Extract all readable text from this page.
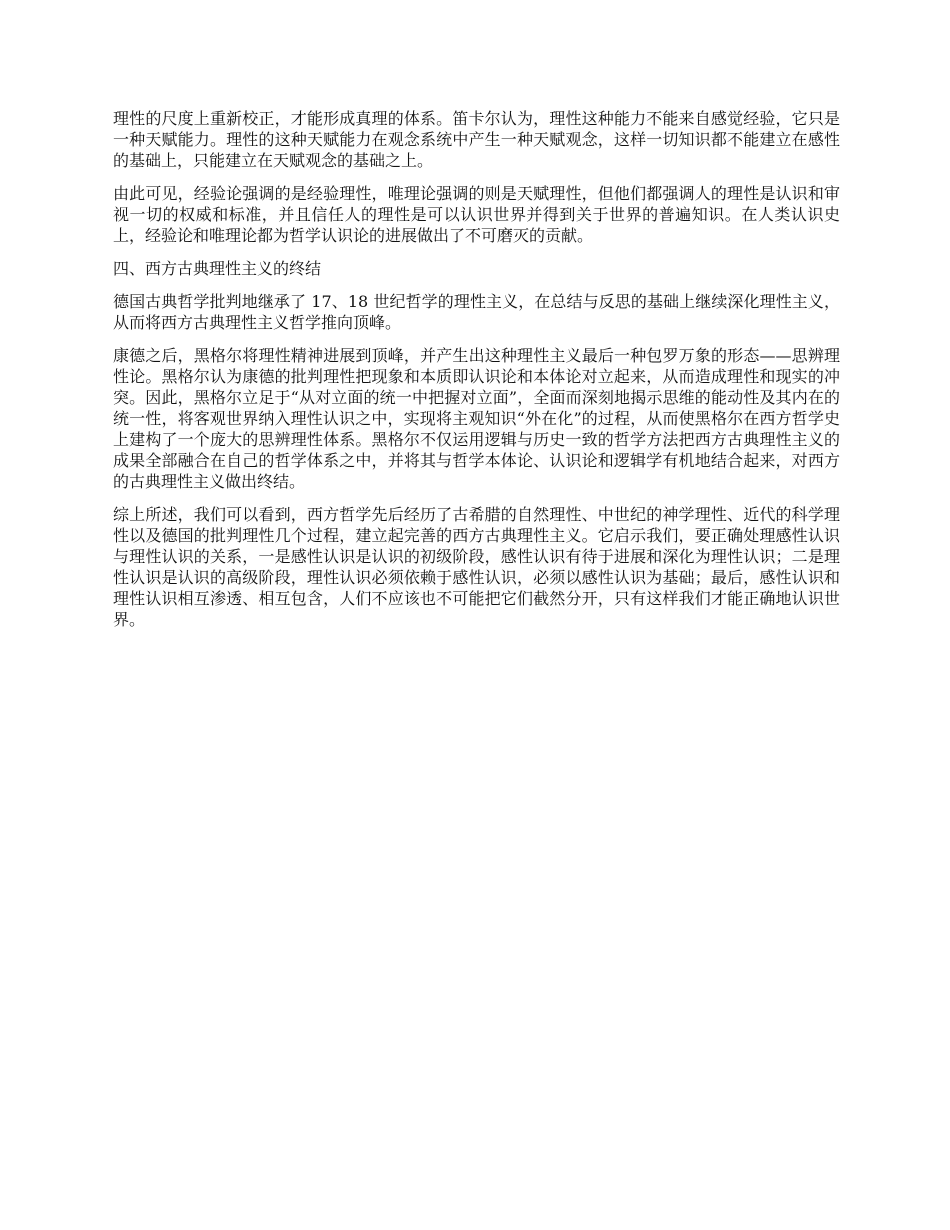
理性的尺度上重新校正，才能形成真理的体系。笛卡尔认为，理性这种能力不能来自感觉经验，它只是一种天赋能力。理性的这种天赋能力在观念系统中产生一种天赋观念，这样一切知识都不能建立在感性的基础上，只能建立在天赋观念的基础之上。

由此可见，经验论强调的是经验理性，唯理论强调的则是天赋理性，但他们都强调人的理性是认识和审视一切的权威和标准，并且信任人的理性是可以认识世界并得到关于世界的普遍知识。在人类认识史上，经验论和唯理论都为哲学认识论的进展做出了不可磨灭的贡献。

四、西方古典理性主义的终结

德国古典哲学批判地继承了 17、18 世纪哲学的理性主义，在总结与反思的基础上继续深化理性主义，从而将西方古典理性主义哲学推向顶峰。

康德之后，黑格尔将理性精神进展到顶峰，并产生出这种理性主义最后一种包罗万象的形态——思辨理性论。黑格尔认为康德的批判理性把现象和本质即认识论和本体论对立起来，从而造成理性和现实的冲突。因此，黑格尔立足于“从对立面的统一中把握对立面”，全面而深刻地揭示思维的能动性及其内在的统一性，将客观世界纳入理性认识之中，实现将主观知识“外在化”的过程，从而使黑格尔在西方哲学史上建构了一个庞大的思辨理性体系。黑格尔不仅运用逻辑与历史一致的哲学方法把西方古典理性主义的成果全部融合在自己的哲学体系之中，并将其与哲学本体论、认识论和逻辑学有机地结合起来，对西方的古典理性主义做出终结。

综上所述，我们可以看到，西方哲学先后经历了古希腊的自然理性、中世纪的神学理性、近代的科学理性以及德国的批判理性几个过程，建立起完善的西方古典理性主义。它启示我们，要正确处理感性认识与理性认识的关系，一是感性认识是认识的初级阶段，感性认识有待于进展和深化为理性认识；二是理性认识是认识的高级阶段，理性认识必须依赖于感性认识，必须以感性认识为基础；最后，感性认识和理性认识相互渗透、相互包含，人们不应该也不可能把它们截然分开，只有这样我们才能正确地认识世界。
